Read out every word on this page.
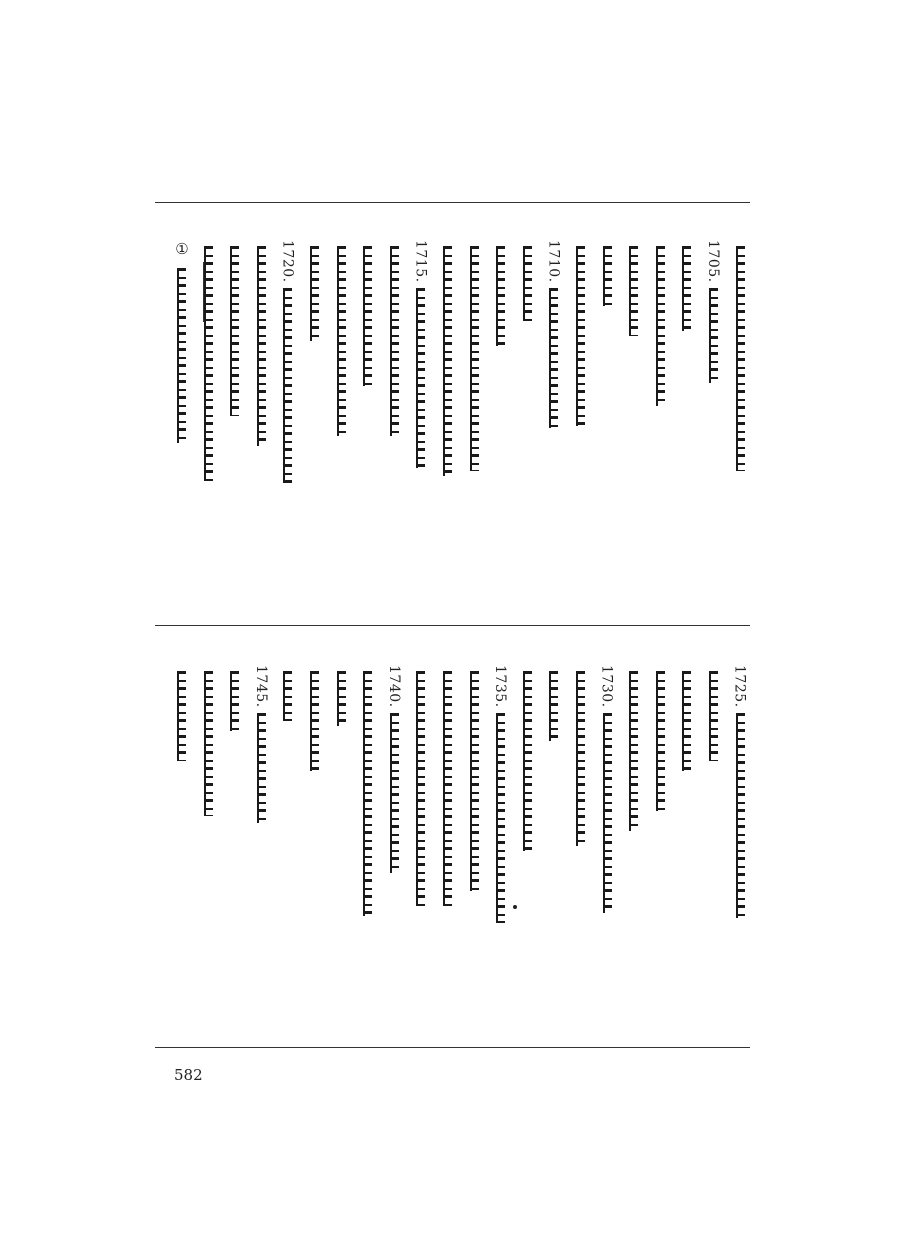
①	1720.	1715.	1710.	1705.
1745.	1740.	1735.	1730.	1725.
582
